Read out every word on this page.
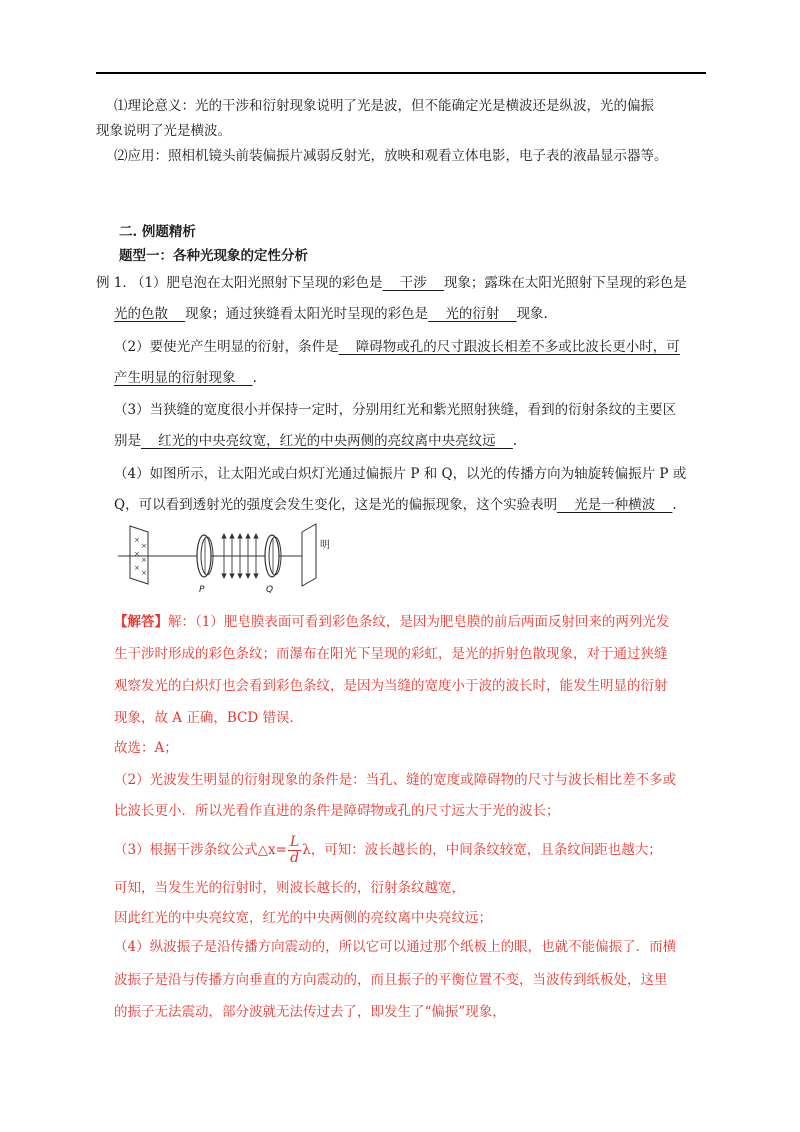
⑴理论意义：光的干涉和衍射现象说明了光是波，但不能确定光是横波还是纵波，光的偏振
现象说明了光是横波。
⑵应用：照相机镜头前装偏振片减弱反射光，放映和观看立体电影，电子表的液晶显示器等。
二. 例题精析
题型一：各种光现象的定性分析
例 1. （1）肥皂泡在太阳光照射下呈现的彩色是    干涉    现象；露珠在太阳光照射下呈现的彩色是
光的色散    现象；通过狭缝看太阳光时呈现的彩色是    光的衍射    现象.
（2）要使光产生明显的衍射，条件是    障碍物或孔的尺寸跟波长相差不多或比波长更小时，可
产生明显的衍射现象    .
（3）当狭缝的宽度很小并保持一定时，分别用红光和紫光照射狭缝，看到的衍射条纹的主要区
别是    红光的中央亮纹宽，红光的中央两侧的亮纹离中央亮纹远    .
（4）如图所示，让太阳光或白炽灯光通过偏振片 P 和 Q，以光的传播方向为轴旋转偏振片 P 或
Q，可以看到透射光的强度会发生变化，这是光的偏振现象，这个实验表明    光是一种横波    .
×
×
×
×
×
×
P	Q
明
【解答】解：（1）肥皂膜表面可看到彩色条纹，是因为肥皂膜的前后两面反射回来的两列光发
生干涉时形成的彩色条纹；而瀑布在阳光下呈现的彩虹，是光的折射色散现象，对于通过狭缝
观察发光的白炽灯也会看到彩色条纹，是因为当缝的宽度小于波的波长时，能发生明显的衍射
现象，故 A 正确，BCD 错误．
故选：A；
（2）光波发生明显的衍射现象的条件是：当孔、缝的宽度或障碍物的尺寸与波长相比差不多或
比波长更小．所以光看作直进的条件是障碍物或孔的尺寸远大于光的波长；
（3）根据干涉条纹公式△x= $\frac{L}{d}$ λ，可知：波长越长的，中间条纹较宽，且条纹间距也越大；
可知，当发生光的衍射时，则波长越长的，衍射条纹越宽，
因此红光的中央亮纹宽，红光的中央两侧的亮纹离中央亮纹远；
（4）纵波振子是沿传播方向震动的，所以它可以通过那个纸板上的眼，也就不能偏振了．而横
波振子是沿与传播方向垂直的方向震动的，而且振子的平衡位置不变，当波传到纸板处，这里
的振子无法震动，部分波就无法传过去了，即发生了“偏振”现象，
